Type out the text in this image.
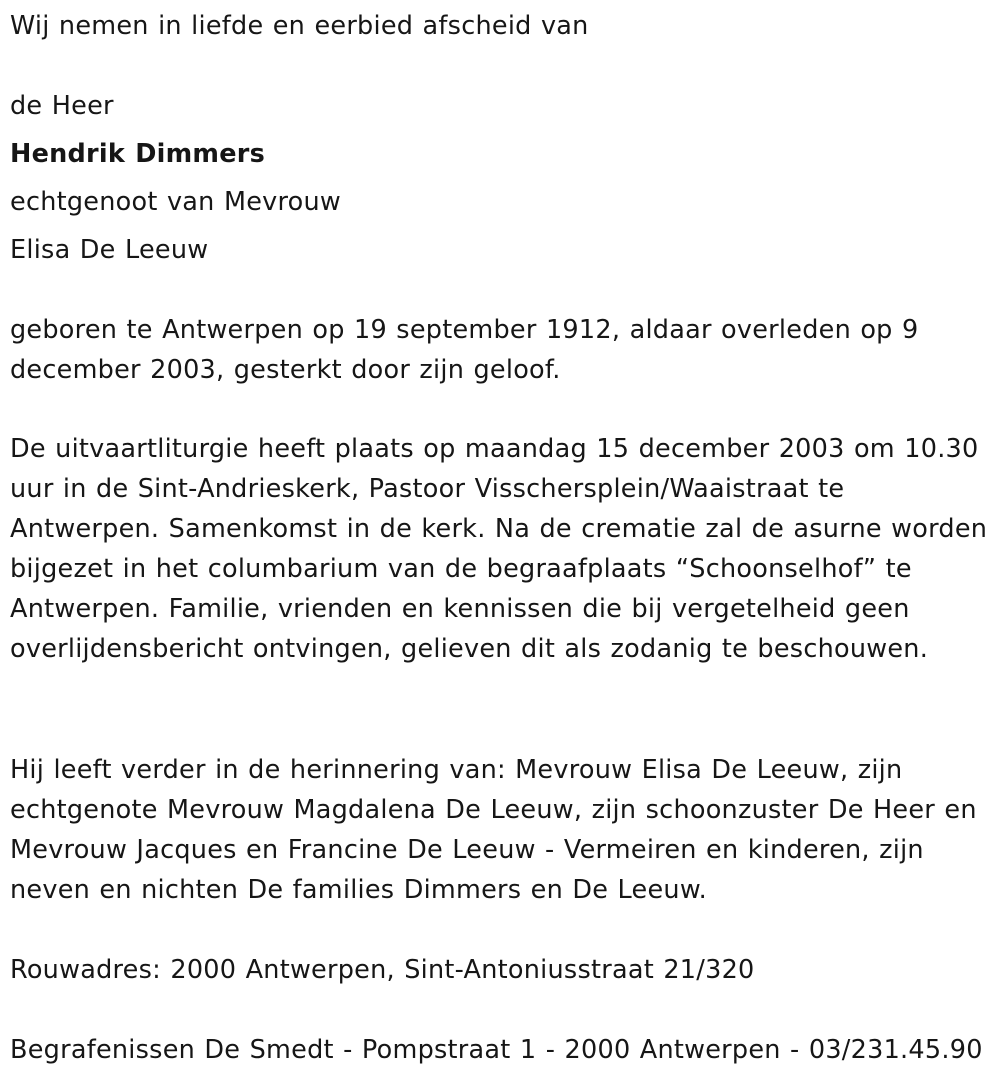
Wij nemen in liefde en eerbied afscheid van
de Heer
Hendrik Dimmers
echtgenoot van Mevrouw
Elisa De Leeuw
geboren te Antwerpen op 19 september 1912, aldaar overleden op 9 december 2003, gesterkt door zijn geloof.
De uitvaartliturgie heeft plaats op maandag 15 december 2003 om 10.30 uur in de Sint-Andrieskerk, Pastoor Visschersplein/Waaistraat te Antwerpen. Samenkomst in de kerk. Na de crematie zal de asurne worden bijgezet in het columbarium van de begraafplaats “Schoonselhof” te Antwerpen. Familie, vrienden en kennissen die bij vergetelheid geen overlijdensbericht ontvingen, gelieven dit als zodanig te beschouwen.
Hij leeft verder in de herinnering van: Mevrouw Elisa De Leeuw, zijn echtgenote Mevrouw Magdalena De Leeuw, zijn schoonzuster De Heer en Mevrouw Jacques en Francine De Leeuw - Vermeiren en kinderen, zijn neven en nichten De families Dimmers en De Leeuw.
Rouwadres: 2000 Antwerpen, Sint-Antoniusstraat 21/320
Begrafenissen De Smedt - Pompstraat 1 - 2000 Antwerpen - 03/231.45.90
